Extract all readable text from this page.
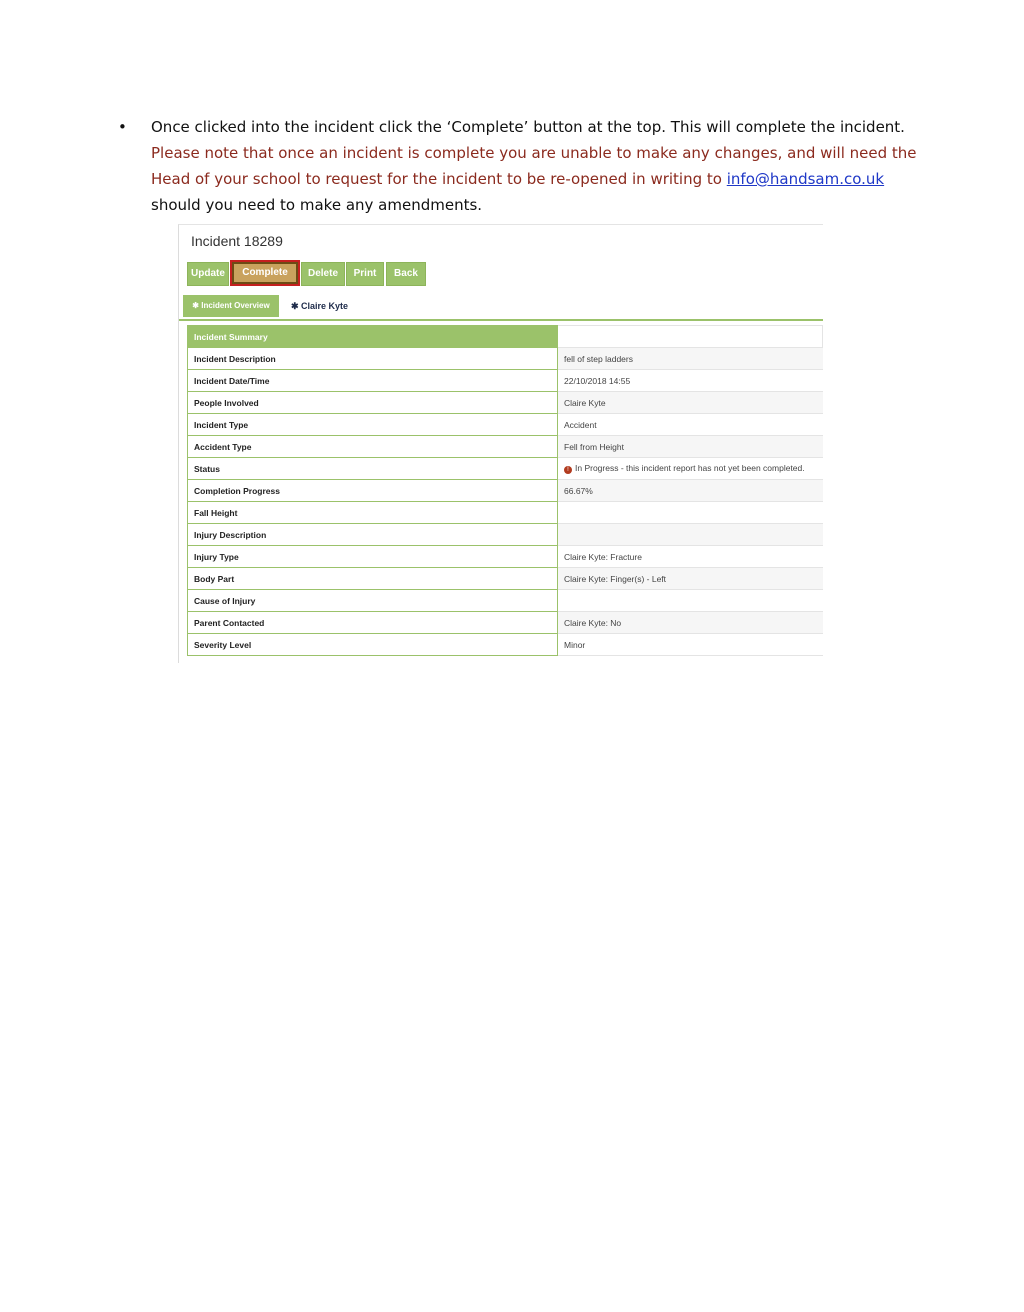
• Once clicked into the incident click the ‘Complete’ button at the top. This will complete the incident. Please note that once an incident is complete you are unable to make any changes, and will need the Head of your school to request for the incident to be re-opened in writing to info@handsam.co.uk should you need to make any amendments.
Incident 18289
Update	Complete	Delete	Print	Back
✱ Incident Overview	✱ Claire Kyte
Incident Summary	
Incident Description	fell of step ladders
Incident Date/Time	22/10/2018 14:55
People Involved	Claire Kyte
Incident Type	Accident
Accident Type	Fell from Height
Status	! In Progress - this incident report has not yet been completed.
Completion Progress	66.67%
Fall Height	
Injury Description	
Injury Type	Claire Kyte: Fracture
Body Part	Claire Kyte: Finger(s) - Left
Cause of Injury	
Parent Contacted	Claire Kyte: No
Severity Level	Minor
